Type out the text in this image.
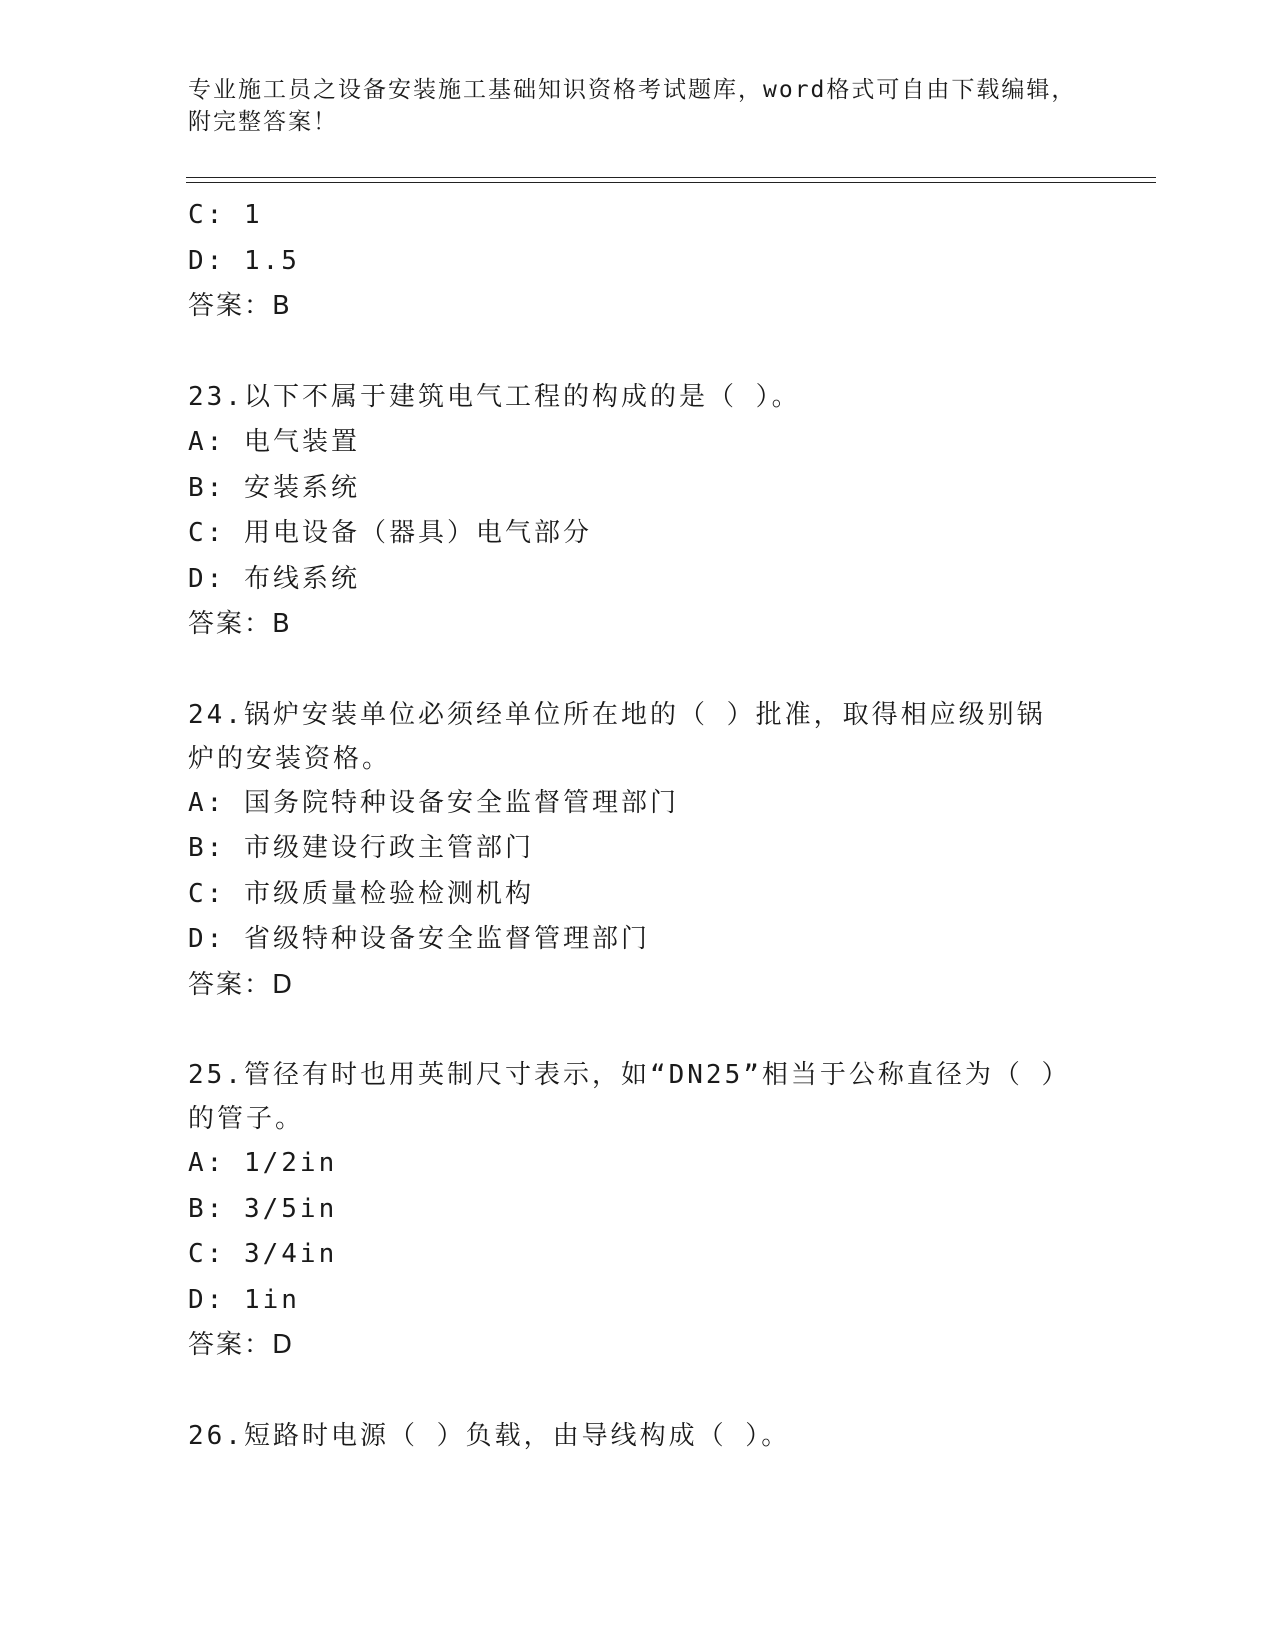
专业施工员之设备安装施工基础知识资格考试题库，word格式可自由下载编辑，附完整答案！
C: 1
D: 1.5
答案：B
23.以下不属于建筑电气工程的构成的是（ ）。
A: 电气装置
B: 安装系统
C: 用电设备（器具）电气部分
D: 布线系统
答案：B
24.锅炉安装单位必须经单位所在地的（ ）批准，取得相应级别锅炉的安装资格。
A: 国务院特种设备安全监督管理部门
B: 市级建设行政主管部门
C: 市级质量检验检测机构
D: 省级特种设备安全监督管理部门
答案：D
25.管径有时也用英制尺寸表示，如“DN25”相当于公称直径为（ ）的管子。
A: 1/2in
B: 3/5in
C: 3/4in
D: 1in
答案：D
26.短路时电源（ ）负载，由导线构成（ ）。
